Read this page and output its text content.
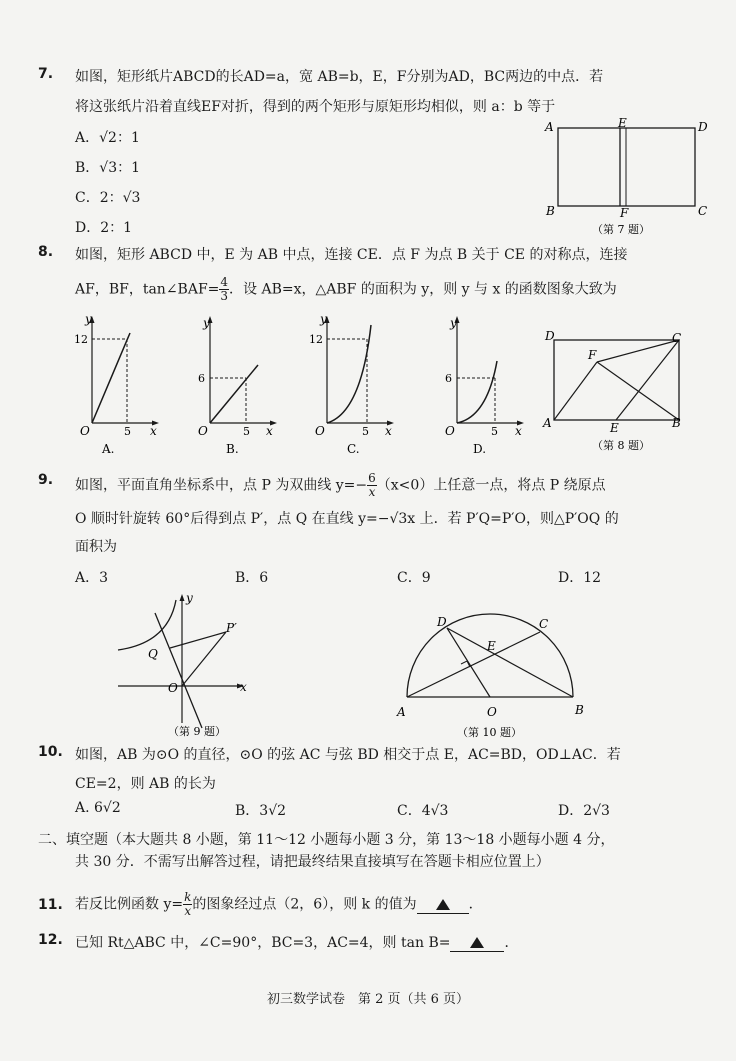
7. 如图，矩形纸片ABCD的长AD=a，宽 AB=b，E，F分别为AD，BC两边的中点．若
将这张纸片沿着直线EF对折，得到的两个矩形与原矩形均相似，则 a：b 等于
A．√2：1
B．√3：1
C．2：√3
D．2：1
A	E	D
B	F	C
（第 7 题）
8. 如图，矩形 ABCD 中，E 为 AB 中点，连接 CE．点 F 为点 B 关于 CE 的对称点，连接
AF，BF，tan∠BAF= $\frac{4}{3}$ ．设 AB=x，△ABF 的面积为 y，则 y 与 x 的函数图象大致为
y
12
O	5 x
A.
y
6
O	5 x
B.
y
12
O	5 x
C.
y
6
O	5 x
D.
D
F
C
A	E	B
（第 8 题）
9. 如图，平面直角坐标系中，点 P 为双曲线 $y=- \frac{6}{x} (x<0)$上任意一点，将点 P 绕原点
O 顺时针旋转 60°后得到点 P′，点 Q 在直线 y=−√3x 上．若 P′Q=P′O，则△P′OQ 的
面积为
A．3	B．6	C．9	D．12
y
P′
Q
O	x
（第 9 题）
D	C
E
A	O	B
（第 10 题）
10. 如图，AB 为⊙O 的直径，⊙O 的弦 AC 与弦 BD 相交于点 E，AC=BD，OD⊥AC．若
CE=2，则 AB 的长为
A. 6√2	B．3√2	C．4√3	D．2√3
二、填空题（本大题共 8 小题，第 11～12 小题每小题 3 分，第 13～18 小题每小题 4 分，
共 30 分．不需写出解答过程，请把最终结果直接填写在答题卡相应位置上）
11. 若反比例函数 $y= \frac{k}{x}$ 的图象经过点（2，6），则 k 的值为	．
12. 已知 Rt△ABC 中，∠C=90°，BC=3，AC=4，则 tan B=	．
初三数学试卷　第 2 页（共 6 页）
